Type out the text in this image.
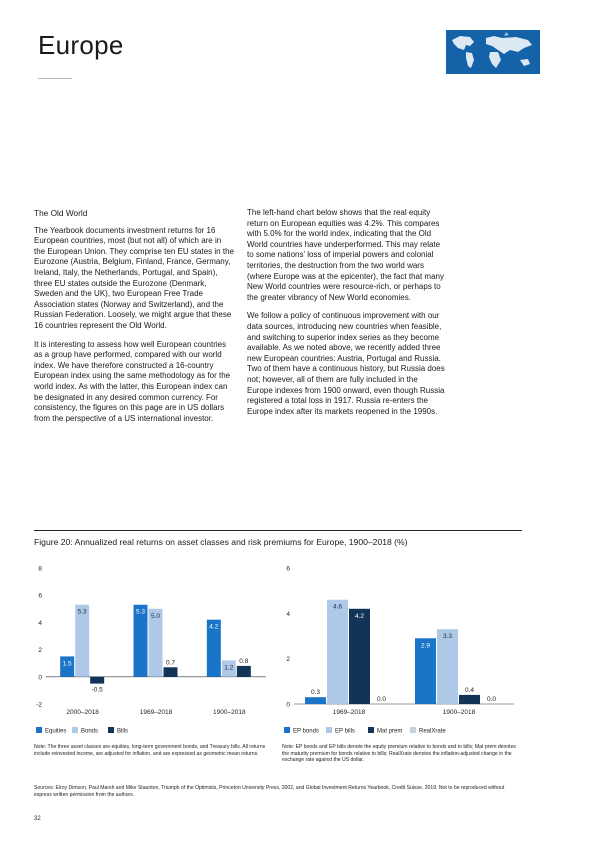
Europe
The Old World

The Yearbook documents investment returns for 16 European countries, most (but not all) of which are in the European Union. They comprise ten EU states in the Eurozone (Austria, Belgium, Finland, France, Germany, Ireland, Italy, the Netherlands, Portugal, and Spain), three EU states outside the Eurozone (Denmark, Sweden and the UK), two European Free Trade Association states (Norway and Switzerland), and the Russian Federation. Loosely, we might argue that these 16 countries represent the Old World.

It is interesting to assess how well European countries as a group have performed, compared with our world index. We have therefore constructed a 16-country European index using the same methodology as for the world index. As with the latter, this European index can be designated in any desired common currency. For consistency, the figures on this page are in US dollars from the perspective of a US international investor.

The left-hand chart below shows that the real equity return on European equities was 4.2%. This compares with 5.0% for the world index, indicating that the Old World countries have underperformed. This may relate to some nations' loss of imperial powers and colonial territories, the destruction from the two world wars (where Europe was at the epicenter), the fact that many New World countries were resource-rich, or perhaps to the greater vibrancy of New World economies.

We follow a policy of continuous improvement with our data sources, introducing new countries when feasible, and switching to superior index series as they become available. As we noted above, we recently added three new European countries: Austria, Portugal and Russia. Two of them have a continuous history, but Russia does not; however, all of them are fully included in the Europe indexes from 1900 onward, even though Russia registered a total loss in 1917. Russia re-enters the Europe index after its markets reopened in the 1990s.

Figure 20: Annualized real returns on asset classes and risk premiums for Europe, 1900–2018 (%)
-2
0
2
4
6
8
1.5
5.3
-0.5
2000–2018
5.3
5.0
0.7
1969–2018
4.2
1.2
0.8
1900–2018
Equities Bonds	Bills
0
2
4
6
0.3
4.6
4.2
0.0
1969–2018
2.9
3.3
0.4
0.0
1900–2018
EP bonds	EP bills	Mat prem	RealXrate
Note: The three asset classes are equities, long-term government bonds, and Treasury bills. All returns include reinvested income, are adjusted for inflation, and are expressed as geometric mean returns.
Note: EP bonds and EP bills denote the equity premium relative to bonds and to bills; Mat prem denotes the maturity premium for bonds relative to bills; RealXrate denotes the inflation-adjusted change in the exchange rate against the US dollar.
Sources: Elroy Dimson, Paul Marsh and Mike Staunton, Triumph of the Optimists, Princeton University Press, 2002, and Global Investment Returns Yearbook, Credit Suisse, 2019. Not to be reproduced without express written permission from the authors.
32
